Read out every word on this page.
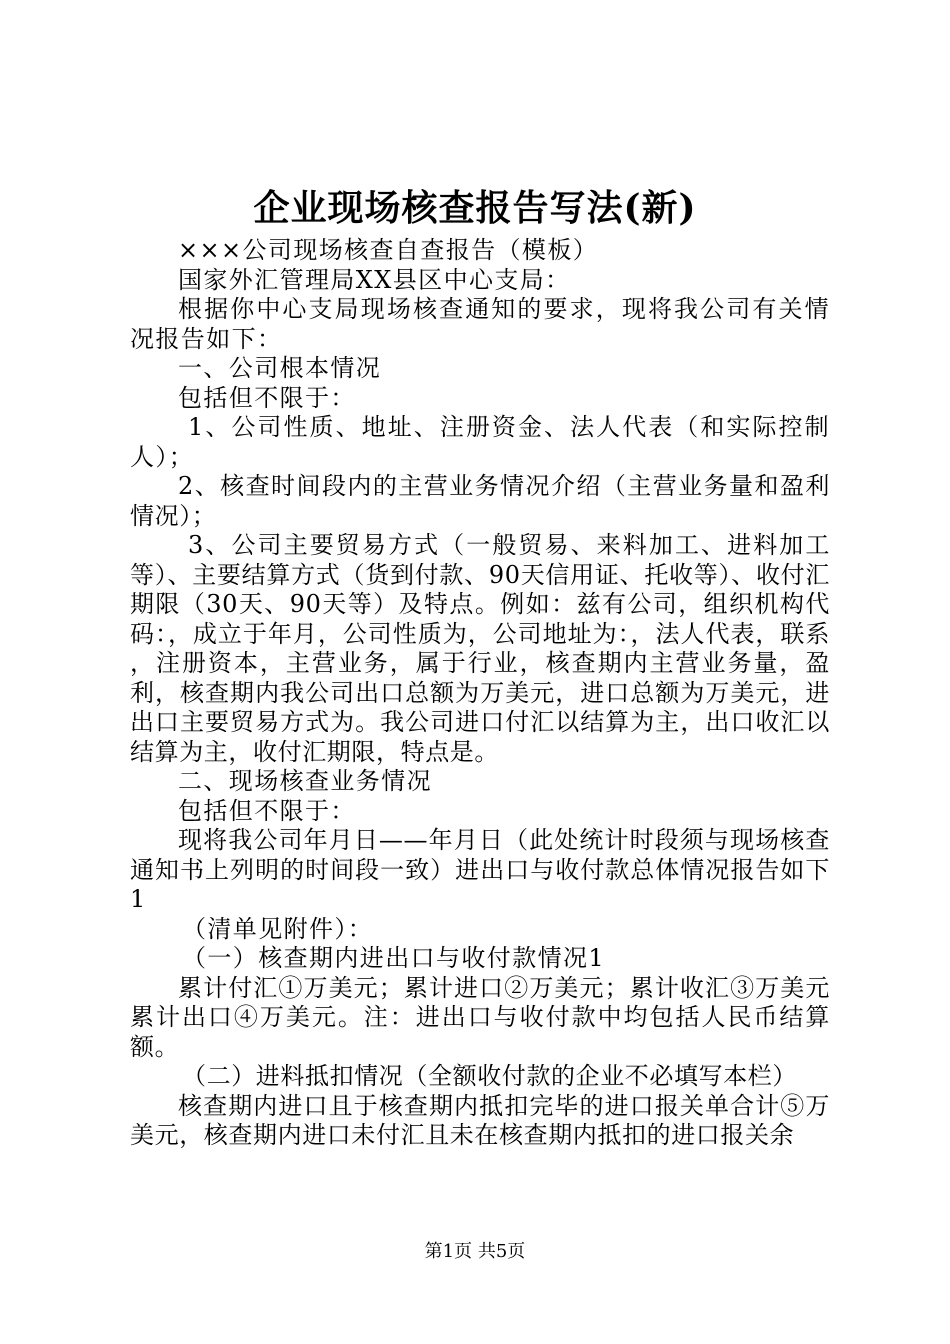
企业现场核查报告写法(新)

×××公司现场核查自查报告（模板）

国家外汇管理局XX县区中心支局：

根据你中心支局现场核查通知的要求，现将我公司有关情况报告如下：

一、公司根本情况

包括但不限于：

1、公司性质、地址、注册资金、法人代表（和实际控制人）；

2、核查时间段内的主营业务情况介绍（主营业务量和盈利情况）；

3、公司主要贸易方式（一般贸易、来料加工、进料加工等）、主要结算方式（货到付款、90天信用证、托收等）、收付汇期限（30天、90天等）及特点。例如：兹有公司，组织机构代码：，成立于年月，公司性质为，公司地址为：，法人代表，联系　 ，注册资本，主营业务，属于行业，核查期内主营业务量，盈利，核查期内我公司出口总额为万美元，进口总额为万美元，进出口主要贸易方式为。我公司进口付汇以结算为主，出口收汇以结算为主，收付汇期限，特点是。

二、现场核查业务情况

包括但不限于：

现将我公司年月日——年月日（此处统计时段须与现场核查通知书上列明的时间段一致）进出口与收付款总体情况报告如下1

（清单见附件）：

（一）核查期内进出口与收付款情况1

累计付汇①万美元；累计进口②万美元；累计收汇③万美元累计出口④万美元。注：进出口与收付款中均包括人民币结算额。

（二）进料抵扣情况（全额收付款的企业不必填写本栏）

核查期内进口且于核查期内抵扣完毕的进口报关单合计⑤万美元，核查期内进口未付汇且未在核查期内抵扣的进口报关余

第1页 共5页
